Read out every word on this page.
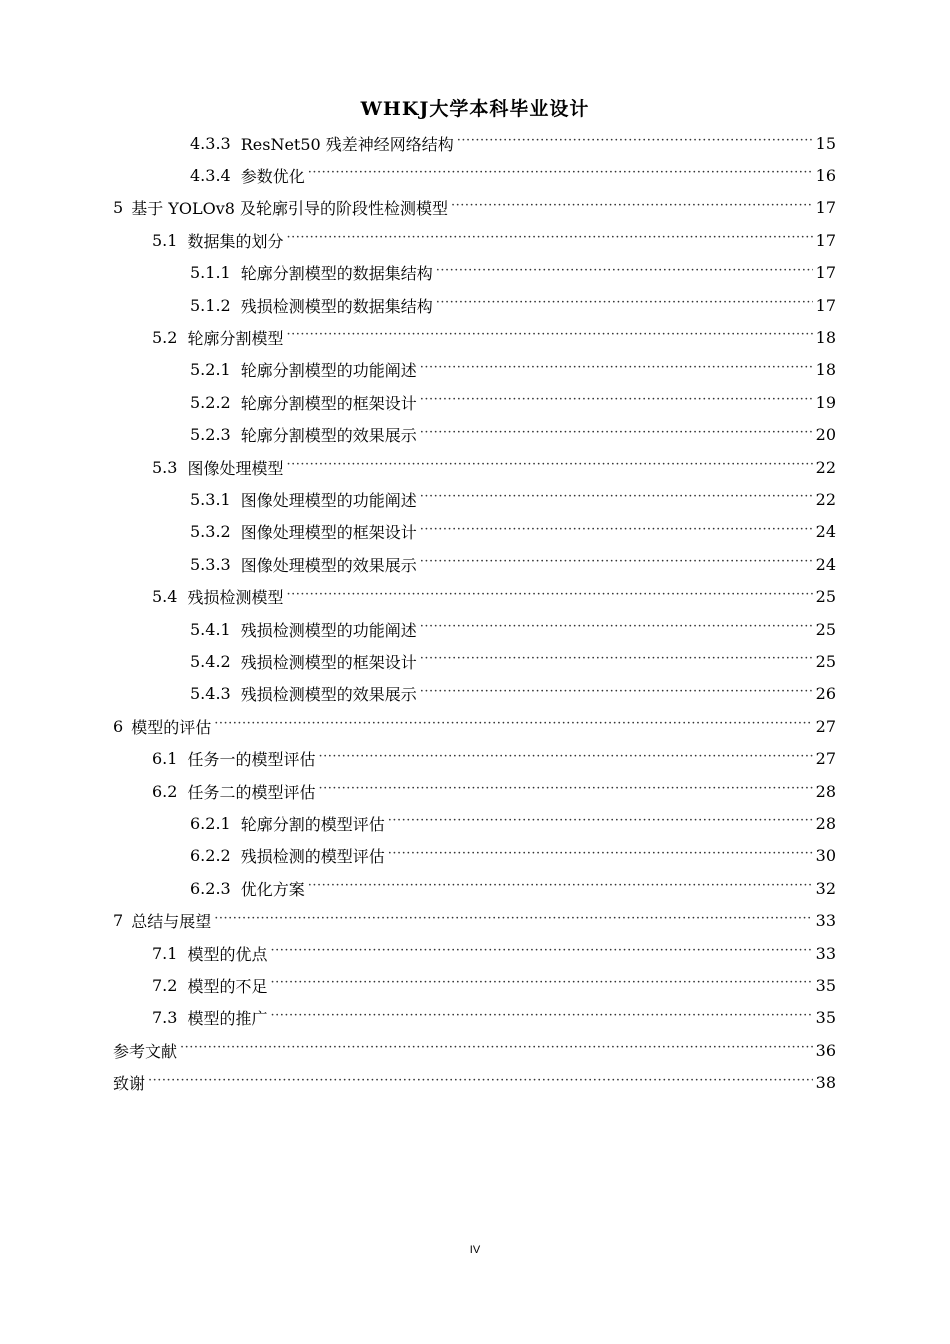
WHKJ大学本科毕业设计
4.3.3 ResNet50 残差神经网络结构 ·····	15
4.3.4 参数优化 ·····	16
5 基于 YOLOv8 及轮廓引导的阶段性检测模型 ·····	17
5.1 数据集的划分 ·····	17
5.1.1 轮廓分割模型的数据集结构 ·····	17
5.1.2 残损检测模型的数据集结构 ·····	17
5.2 轮廓分割模型 ·····	18
5.2.1 轮廓分割模型的功能阐述 ·····	18
5.2.2 轮廓分割模型的框架设计 ·····	19
5.2.3 轮廓分割模型的效果展示 ·····	20
5.3 图像处理模型 ·····	22
5.3.1 图像处理模型的功能阐述 ·····	22
5.3.2 图像处理模型的框架设计 ·····	24
5.3.3 图像处理模型的效果展示 ·····	24
5.4 残损检测模型 ·····	25
5.4.1 残损检测模型的功能阐述 ·····	25
5.4.2 残损检测模型的框架设计 ·····	25
5.4.3 残损检测模型的效果展示 ·····	26
6 模型的评估 ·····	27
6.1 任务一的模型评估 ·····	27
6.2 任务二的模型评估 ·····	28
6.2.1 轮廓分割的模型评估 ·····	28
6.2.2 残损检测的模型评估 ·····	30
6.2.3 优化方案 ·····	32
7 总结与展望 ·····	33
7.1 模型的优点 ·····	33
7.2 模型的不足 ·····	35
7.3 模型的推广 ·····	35
参考文献 ·····	36
致谢 ·····	38
IV
